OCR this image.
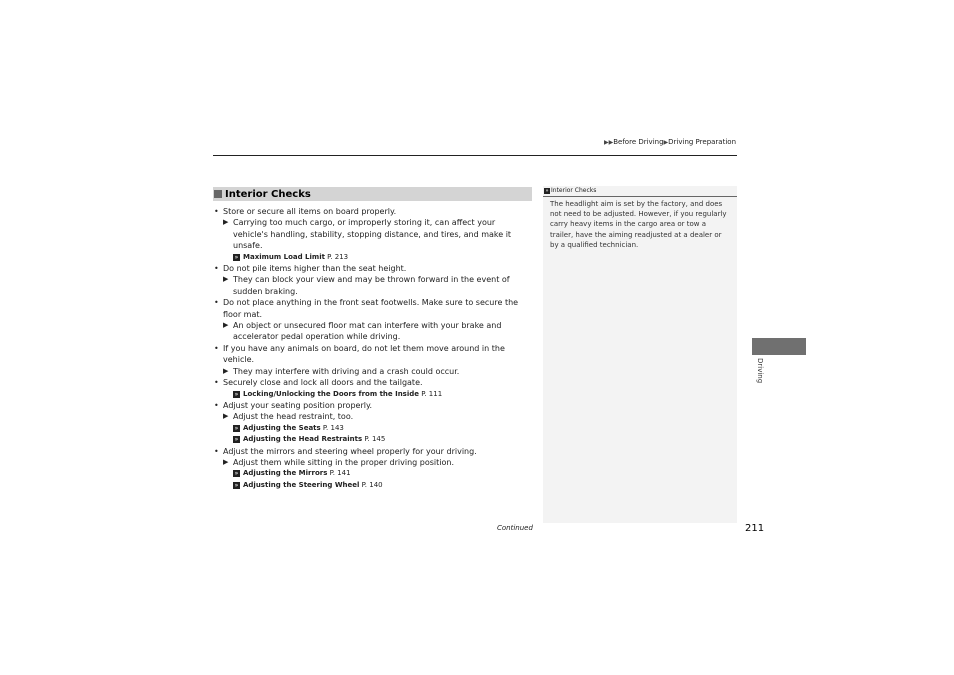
▶▶Before Driving▶Driving Preparation
Interior Checks
• Store or secure all items on board properly.
▶ Carrying too much cargo, or improperly storing it, can affect your vehicle's handling, stability, stopping distance, and tires, and make it unsafe.
» Maximum Load Limit P. 213
• Do not pile items higher than the seat height.
▶ They can block your view and may be thrown forward in the event of sudden braking.
• Do not place anything in the front seat footwells. Make sure to secure the floor mat.
▶ An object or unsecured floor mat can interfere with your brake and accelerator pedal operation while driving.
• If you have any animals on board, do not let them move around in the vehicle.
▶ They may interfere with driving and a crash could occur.
• Securely close and lock all doors and the tailgate.
» Locking/Unlocking the Doors from the Inside P. 111
• Adjust your seating position properly.
▶ Adjust the head restraint, too.
» Adjusting the Seats P. 143
» Adjusting the Head Restraints P. 145
• Adjust the mirrors and steering wheel properly for your driving.
▶ Adjust them while sitting in the proper driving position.
» Adjusting the Mirrors P. 141
» Adjusting the Steering Wheel P. 140
» Interior Checks
The headlight aim is set by the factory, and does not need to be adjusted. However, if you regularly carry heavy items in the cargo area or tow a trailer, have the aiming readjusted at a dealer or by a qualified technician.
Continued	211
Driving
